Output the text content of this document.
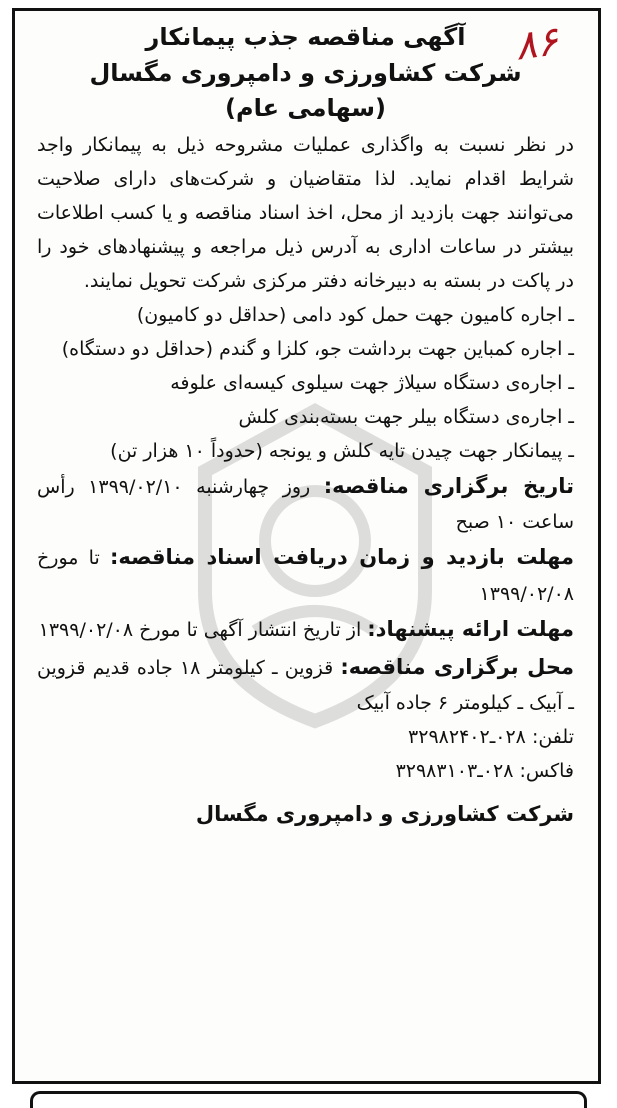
آگهی مناقصه جذب پیمانکار
شرکت کشاورزی و دامپروری مگسال (سهامی عام)

در نظر نسبت به واگذاری عملیات مشروحه ذیل به پیمانکار واجد شرایط اقدام نماید. لذا متقاضیان و شرکت‌های دارای صلاحیت می‌توانند جهت بازدید از محل، اخذ اسناد مناقصه و یا کسب اطلاعات بیشتر در ساعات اداری به آدرس ذیل مراجعه و پیشنهادهای خود را در پاکت در بسته به دبیرخانه دفتر مرکزی شرکت تحویل نمایند.

ـ اجاره کامیون جهت حمل کود دامی (حداقل دو کامیون)
ـ اجاره کمباین جهت برداشت جو، کلزا و گندم (حداقل دو دستگاه)
ـ اجاره‌ی دستگاه سیلاژ جهت سیلوی کیسه‌ای علوفه
ـ اجاره‌ی دستگاه بیلر جهت بسته‌بندی کلش
ـ پیمانکار جهت چیدن تایه کلش و یونجه (حدوداً ۱۰ هزار تن)

تاریخ برگزاری مناقصه: روز چهارشنبه ۱۳۹۹/۰۲/۱۰ رأس ساعت ۱۰ صبح

مهلت بازدید و زمان دریافت اسناد مناقصه: تا مورخ ۱۳۹۹/۰۲/۰۸

مهلت ارائه پیشنهاد: از تاریخ انتشار آگهی تا مورخ ۱۳۹۹/۰۲/۰۸

محل برگزاری مناقصه: قزوین ـ کیلومتر ۱۸ جاده قدیم قزوین ـ آبیک ـ کیلومتر ۶ جاده آبیک

تلفن: ۰۲۸ـ۳۲۹۸۲۴۰۲

فاکس: ۰۲۸ـ۳۲۹۸۳۱۰۳

شرکت کشاورزی و دامپروری مگسال
۸۶
